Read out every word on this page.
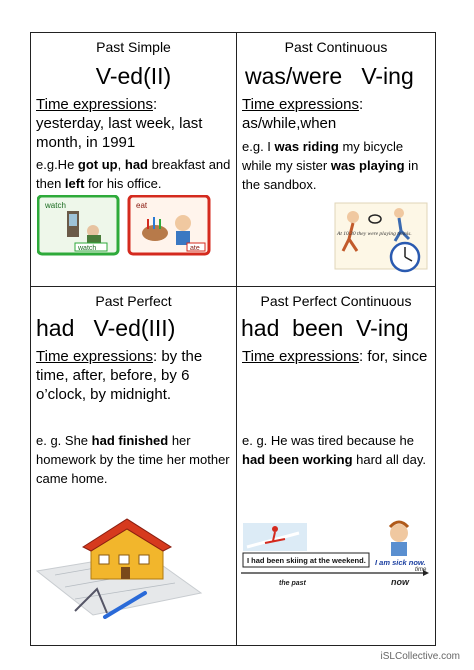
Past Simple
V-ed(II)
Time expressions:
yesterday, last week, last month, in 1991
e.g.He got up, had breakfast and then left for his office.
watch
watch
eat
ate
Past Continuous
was/were   V-ing
Time expressions:
as/while,when
e.g. I was riding my bicycle while my sister was playing in the sandbox.
At 10.30 they were playing tennis.
Past Perfect
had   V-ed(III)
Time expressions: by the time, after, before, by 6 o’clock, by midnight.
e. g. She had finished her homework by the time her mother came home.
Past Perfect Continuous
had  been  V-ing
Time expressions: for, since
e. g. He was tired because he had been working hard all day.
I had been skiing at the weekend. I am sick now.
the past	now
time
iSLCollective.com
